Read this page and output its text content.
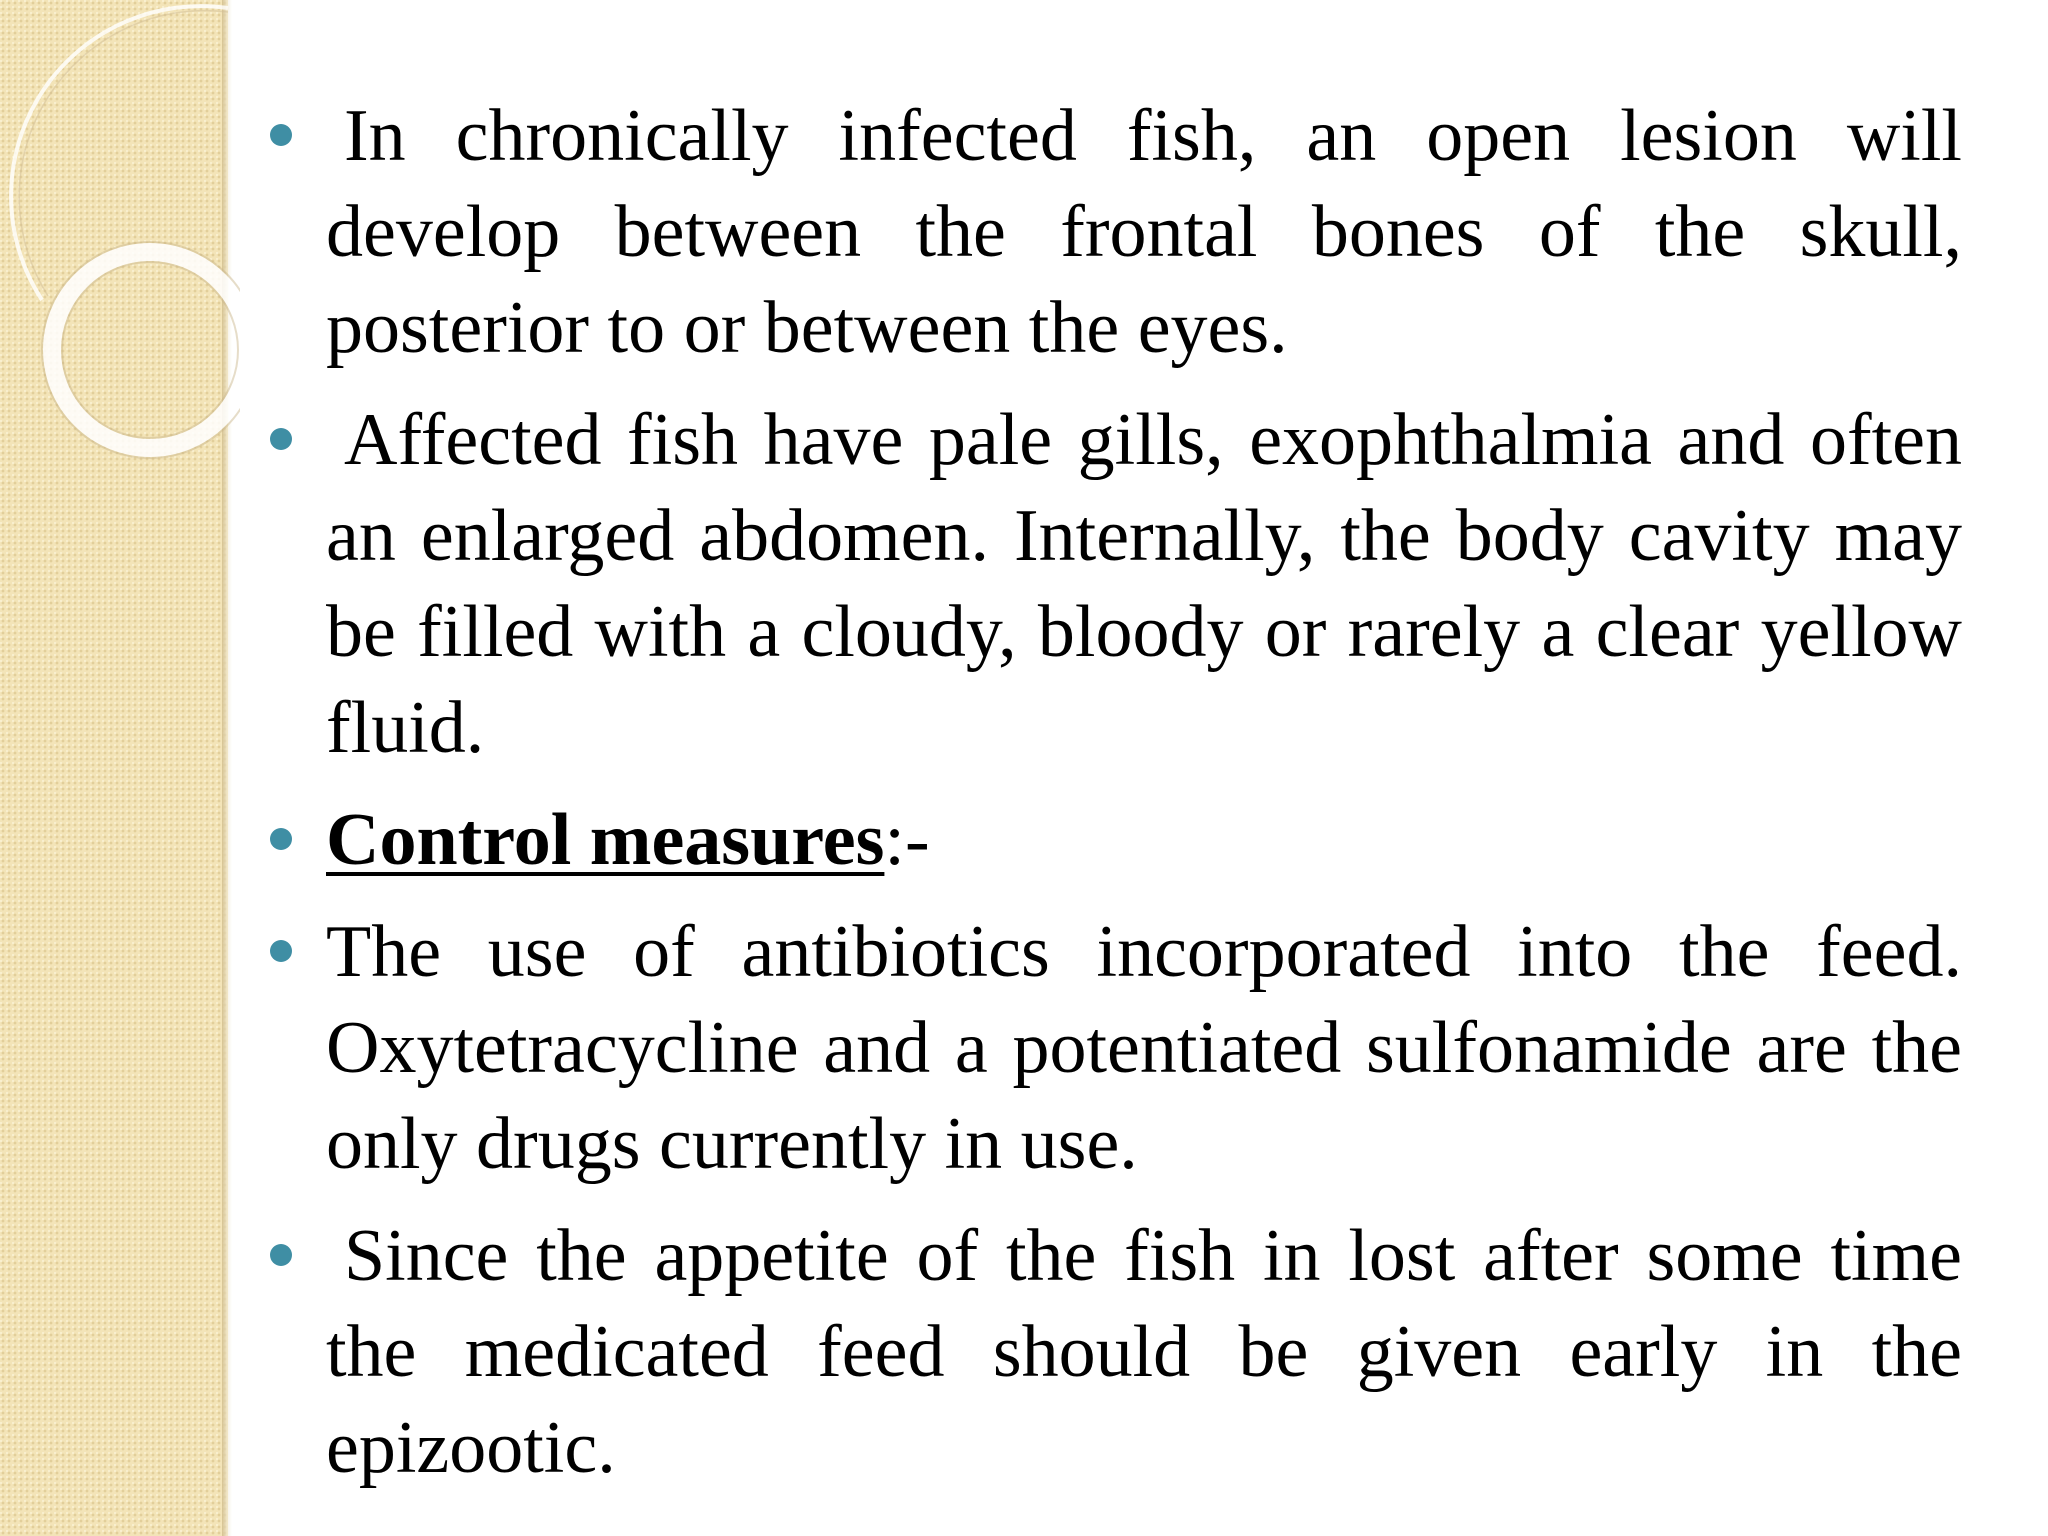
In chronically infected fish, an open lesion will develop between the frontal bones of the skull, posterior to or between the eyes.
Affected fish have pale gills, exophthalmia and often an enlarged abdomen. Internally, the body cavity may be filled with a cloudy, bloody or rarely a clear yellow fluid.
Control measures:-
The use of antibiotics incorporated into the feed. Oxytetracycline and a potentiated sulfonamide are the only drugs currently in use.
Since the appetite of the fish in lost after some time the medicated feed should be given early in the epizootic.
